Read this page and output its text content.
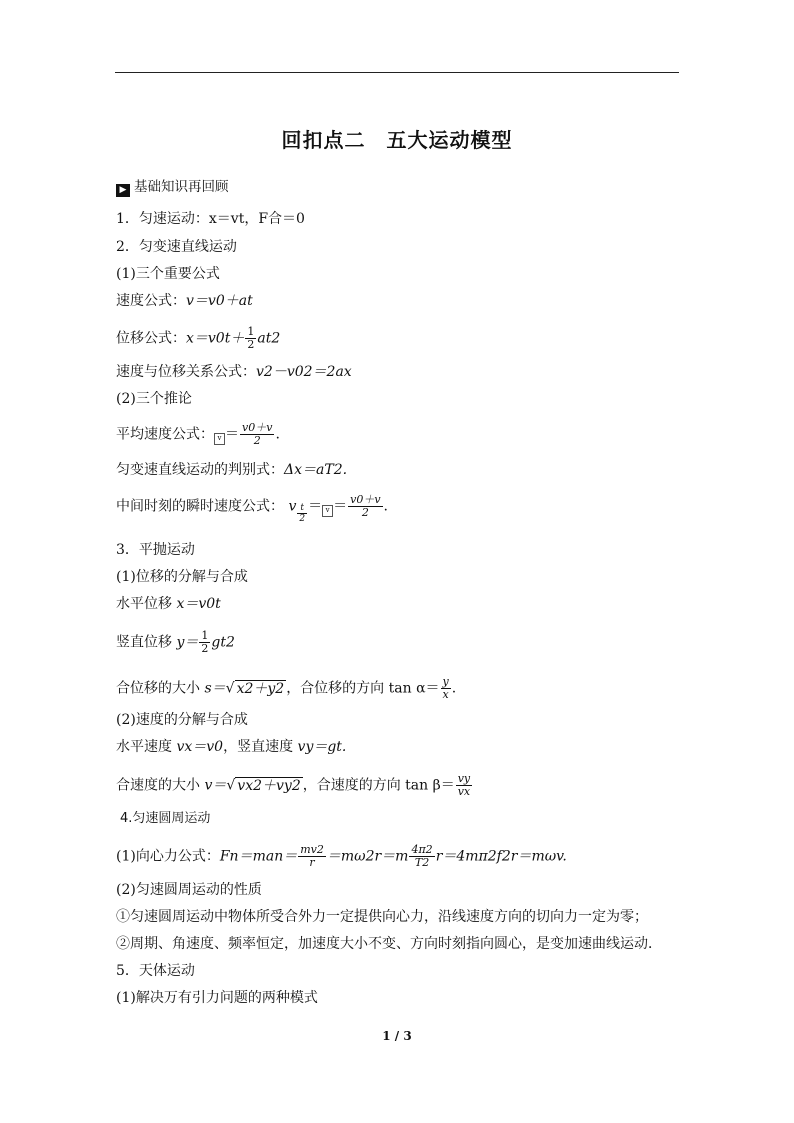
回扣点二　五大运动模型
▶ 基础知识再回顾
1．匀速运动：x＝vt，F合＝0
2．匀变速直线运动
(1)三个重要公式
速度公式：v＝v0＋at
位移公式：$x=v0t+ \frac{1}{2} at2$
速度与位移关系公式：v2－v02＝2ax
(2)三个推论
平均速度公式： $v = \frac{v0+v}{2}$ .
匀变速直线运动的判别式：Δx＝aT2.
中间时刻的瞬时速度公式： v $\frac{t}{2} = v = \frac{v0+v}{2}$ .
3．平抛运动
(1)位移的分解与合成
水平位移 x＝v0t
竖直位移 $y= \frac{1}{2} gt2$
合位移的大小 s＝√ x2＋y2 ，合位移的方向 $\tan \alpha= \frac{y}{x}$ .
(2)速度的分解与合成
水平速度 vx＝v0，竖直速度 vy＝gt.
合速度的大小 v＝√ vx2＋vy2 ，合速度的方向 $\tan \beta= \frac{vy}{vx}$
4.匀速圆周运动
(1)向心力公式：$Fn=man= \frac{mv2}{r} =m\omega 2r=m \frac{4\pi 2}{T2} r=4m\pi 2f2r=m\omega v$.
(2)匀速圆周运动的性质
①匀速圆周运动中物体所受合外力一定提供向心力，沿线速度方向的切向力一定为零；
②周期、角速度、频率恒定，加速度大小不变、方向时刻指向圆心，是变加速曲线运动．
5．天体运动
(1)解决万有引力问题的两种模式
1 / 3
